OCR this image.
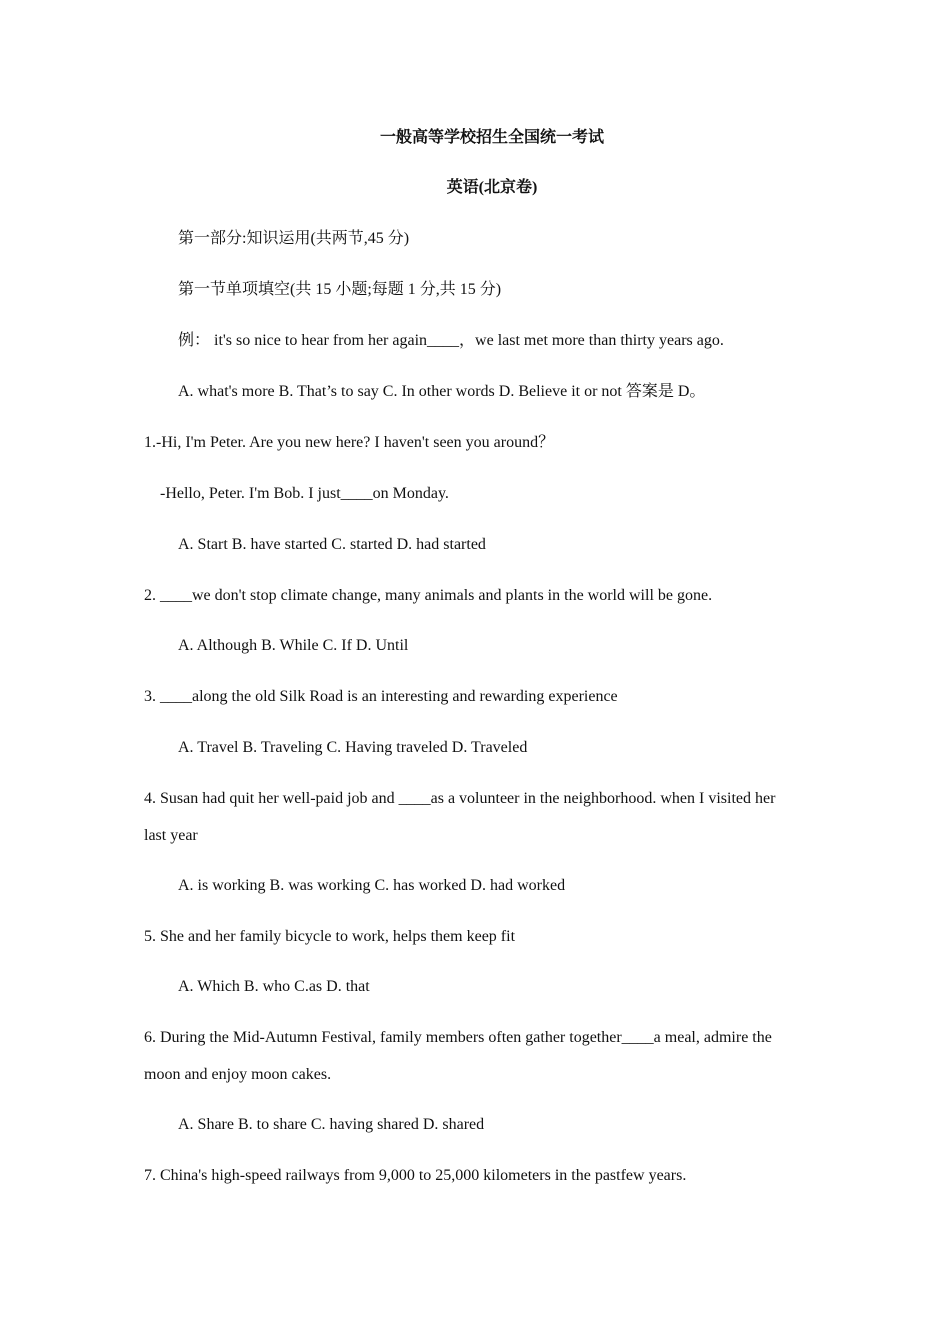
一般高等学校招生全国统一考试
英语(北京卷)
第一部分:知识运用(共两节,45 分)
第一节单项填空(共 15 小题;每题 1 分,共 15 分)
例： it's so nice to hear from her again____，we last met more than thirty years ago.
A. what's more B. That’s to say C. In other words D. Believe it or not 答案是 D。
1.-Hi, I'm Peter. Are you new here? I haven't seen you around？
-Hello, Peter. I'm Bob. I just____on Monday.
A. Start B. have started C. started D. had started
2. ____we don't stop climate change, many animals and plants in the world will be gone.
A. Although B. While C. If D. Until
3. ____along the old Silk Road is an interesting and rewarding experience
A. Travel B. Traveling C. Having traveled D. Traveled
4. Susan had quit her well-paid job and ____as a volunteer in the neighborhood. when I visited her
last year
A. is working B. was working C. has worked D. had worked
5. She and her family bicycle to work, helps them keep fit
A. Which B. who C.as D. that
6. During the Mid-Autumn Festival, family members often gather together____a meal, admire the
moon and enjoy moon cakes.
A. Share B. to share C. having shared D. shared
7. China's high-speed railways from 9,000 to 25,000 kilometers in the pastfew years.
